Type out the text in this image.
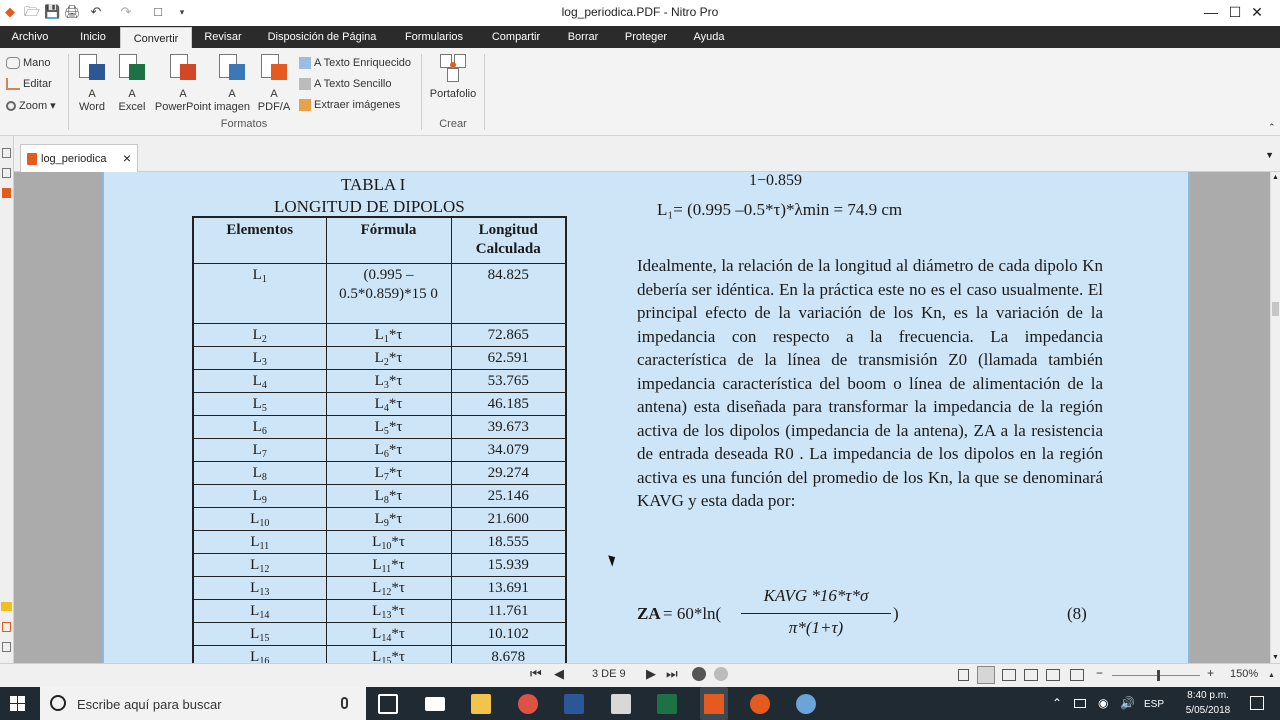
◆ 🗁 💾 🖨 ↶ ↷	□	▾	log_periodica.PDF - Nitro Pro	— ☐ ✕
Archivo	Inicio	Convertir	Revisar	Disposición de Página	Formularios	Compartir	Borrar	Proteger	Ayuda
Mano
Editar
Zoom ▾
A
Word
A
Excel
A
PowerPoint
A
imagen
A
PDF/A
A Texto Enriquecido
A Texto Sencillo
Extraer imágenes
Formatos
Portafolio
Crear	⌃
log_periodica ×	▼
TABLA I
LONGITUD DE DIPOLOS
Elementos	Fórmula	Longitud Calculada
$L_1$	(0.995 – 0.5*0.859)*15 0	84.825
$L_2$	$L_1*\tau$	72.865
$L_3$	$L_2*\tau$	62.591
$L_4$	$L_3*\tau$	53.765
$L_5$	$L_4*\tau$	46.185
$L_6$	$L_5*\tau$	39.673
$L_7$	$L_6*\tau$	34.079
$L_8$	$L_7*\tau$	29.274
$L_9$	$L_8*\tau$	25.146
$L_{10}$	$L_9*\tau$	21.600
$L_{11}$	$L_{10}*\tau$	18.555
$L_{12}$	$L_{11}*\tau$	15.939
$L_{13}$	$L_{12}*\tau$	13.691
$L_{14}$	$L_{13}*\tau$	11.761
$L_{15}$	$L_{14}*\tau$	10.102
$L_{16}$	$L_{15}*\tau$	8.678
1−0.859
L₁= (0.995 –0.5*τ)*λmin = 74.9 cm
Idealmente, la relación de la longitud al diámetro de cada dipolo Kn debería ser idéntica. En la práctica este no es el caso usualmente. El principal efecto de la variación de los Kn, es la variación de la impedancia con respecto a la frecuencia. La impedancia característica de la línea de transmisión Z0 (llamada también impedancia característica del boom o línea de alimentación de la antena) esta diseñada para transformar la impedancia de la región activa de los dipolos (impedancia de la antena), ZA a la resistencia de entrada deseada R0 . La impedancia de los dipolos en la región activa es una función del promedio de los Kn, la que se denominará KAVG y esta dada por:
ZA = 60*ln(
KAVG *16*τ*σ
π*(1+τ)
)	(8)
▲
▼
⏮ ◀	3 DE 9 ▶ ⏭	−	+ 150% ▲
Escribe aquí para buscar	⌃	◉ 🔊 ESP
8:40 p.m.
5/05/2018
